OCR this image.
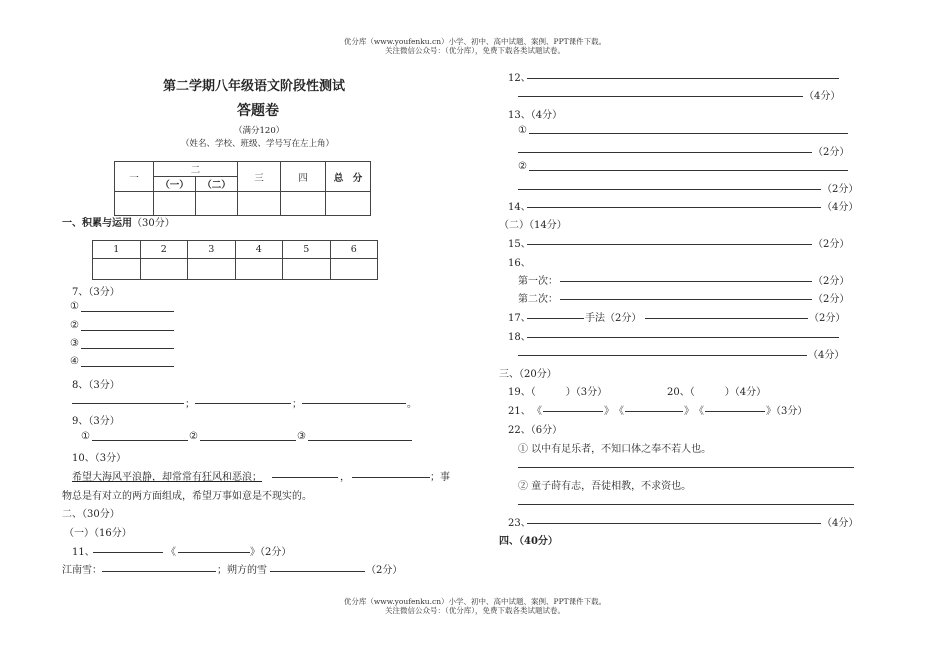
优分库（www.youfenku.cn）小学、初中、高中试题、案例、PPT课件下载。
关注微信公众号：（优分库），免费下载各类试题试卷。
第二学期八年级语文阶段性测试
答题卷
（满分120）
（姓名、学校、班级、学号写在左上角）
一	二		三	四	总　分
	（一）	（二）			

一、积累与运用（30分）
1	2	3	4	5	6

7、（3分）
①
②
③
④
8、（3分）
；	；	。
9、（3分）
①	②	③
10、（3分）
希望大海风平浪静，却常常有狂风和恶浪；	，	；事
物总是有对立的两方面组成，希望万事如意是不现实的。
二、（30分）
（一）（16分）
11、	《	》（2分）
江南雪：	；朔方的雪	（2分）
12、
（4分）
13、（4分）
①
（2分）
②
（2分）
14、	（4分）
（二）（14分）
15、	（2分）
16、
第一次：	（2分）
第二次：	（2分）
17、	手法（2分）	（2分）
18、
（4分）
三、（20分）
19、（　　　）（3分）	20、（　　　）（4分）
21、 《	》 《	》 《	》（3分）
22、（6分）
① 以中有足乐者，不知口体之奉不若人也。
② 童子莳有志，吾徒相教，不求资也。
23、	（4分）
四、（40分）
优分库（www.youfenku.cn）小学、初中、高中试题、案例、PPT课件下载。
关注微信公众号：（优分库），免费下载各类试题试卷。
